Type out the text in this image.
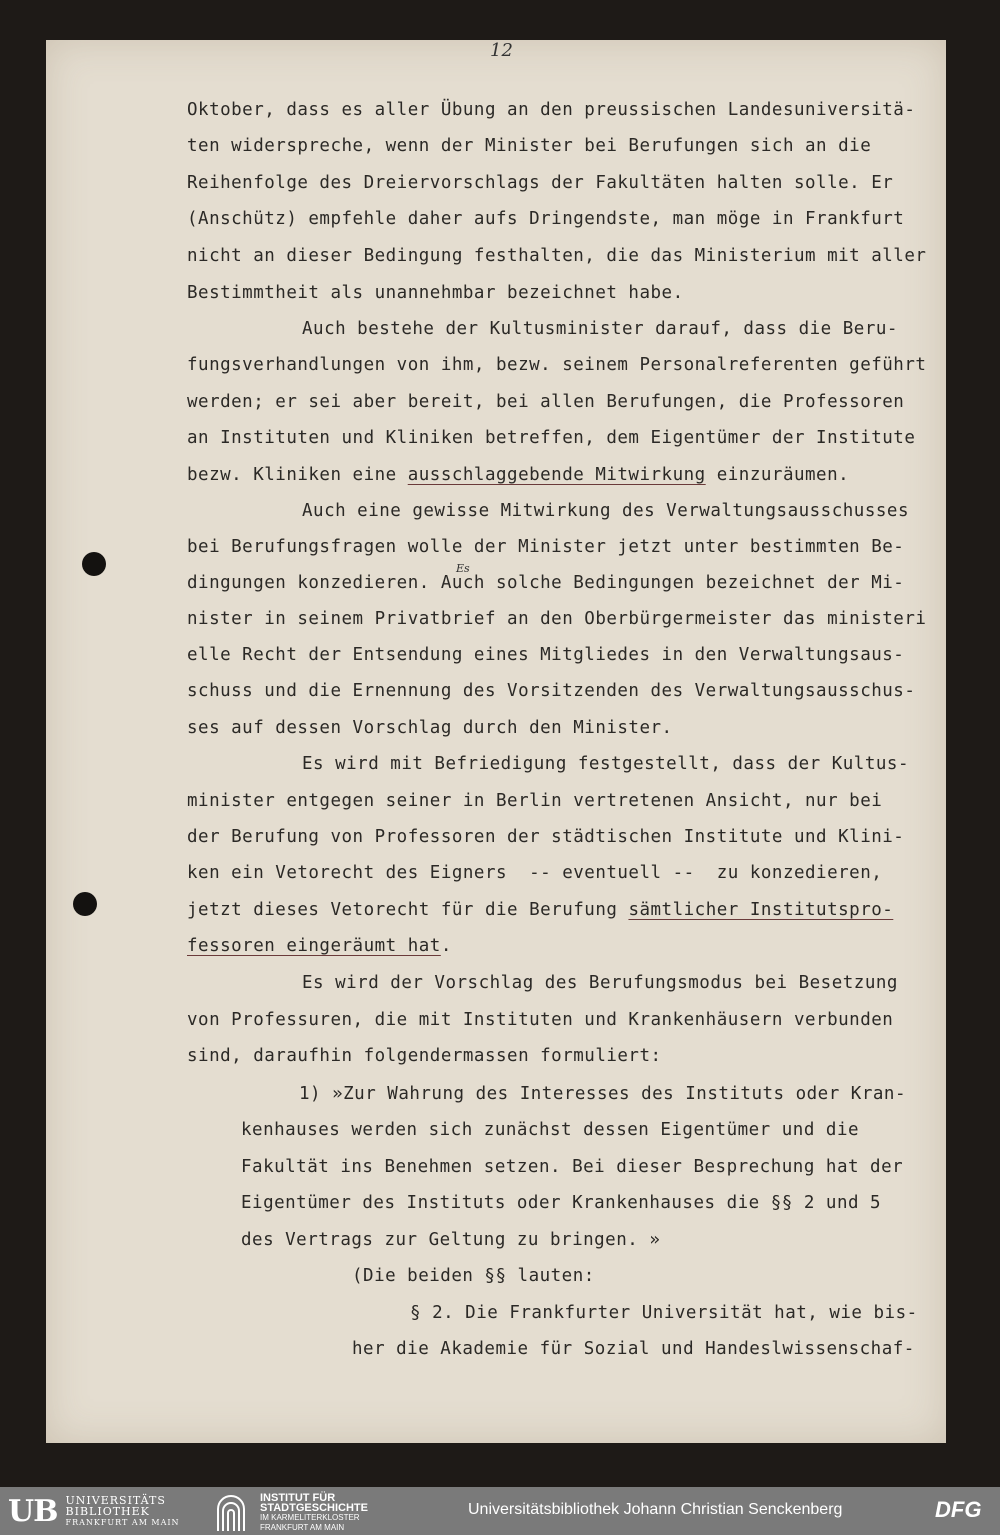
12
Oktober, dass es aller Übung an den preussischen Landesuniversitä-
ten widerspreche, wenn der Minister bei Berufungen sich an die
Reihenfolge des Dreiervorschlags der Fakultäten halten solle. Er
(Anschütz) empfehle daher aufs Dringendste, man möge in Frankfurt
nicht an dieser Bedingung festhalten, die das Ministerium mit aller
Bestimmtheit als unannehmbar bezeichnet habe.
Auch bestehe der Kultusminister darauf, dass die Beru-
fungsverhandlungen von ihm, bezw. seinem Personalreferenten geführt
werden; er sei aber bereit, bei allen Berufungen, die Professoren
an Instituten und Kliniken betreffen, dem Eigentümer der Institute
bezw. Kliniken eine ausschlaggebende Mitwirkung einzuräumen.
Auch eine gewisse Mitwirkung des Verwaltungsausschusses
bei Berufungsfragen wolle der Minister jetzt unter bestimmten Be-
dingungen konzedieren. Auch solche Bedingungen bezeichnet der Mi-
Es
nister in seinem Privatbrief an den Oberbürgermeister das ministeri
elle Recht der Entsendung eines Mitgliedes in den Verwaltungsaus-
schuss und die Ernennung des Vorsitzenden des Verwaltungsausschus-
ses auf dessen Vorschlag durch den Minister.
Es wird mit Befriedigung festgestellt, dass der Kultus-
minister entgegen seiner in Berlin vertretenen Ansicht, nur bei
der Berufung von Professoren der städtischen Institute und Klini-
ken ein Vetorecht des Eigners  -- eventuell --  zu konzedieren,
jetzt dieses Vetorecht für die Berufung sämtlicher Institutspro-
fessoren eingeräumt hat.
Es wird der Vorschlag des Berufungsmodus bei Besetzung
von Professuren, die mit Instituten und Krankenhäusern verbunden
sind, daraufhin folgendermassen formuliert:
1) »Zur Wahrung des Interesses des Instituts oder Kran-
kenhauses werden sich zunächst dessen Eigentümer und die
Fakultät ins Benehmen setzen. Bei dieser Besprechung hat der
Eigentümer des Instituts oder Krankenhauses die §§ 2 und 5
des Vertrags zur Geltung zu bringen. »
(Die beiden §§ lauten:
§ 2. Die Frankfurter Universität hat, wie bis-
her die Akademie für Sozial und Handeslwissenschaf-
UB UNIVERSITÄTS
BIBLIOTHEK
FRANKFURT AM MAIN
INSTITUT FÜR
STADTGESCHICHTE
IM KARMELITERKLOSTER
FRANKFURT AM MAIN
Universitätsbibliothek Johann Christian Senckenberg	DFG
